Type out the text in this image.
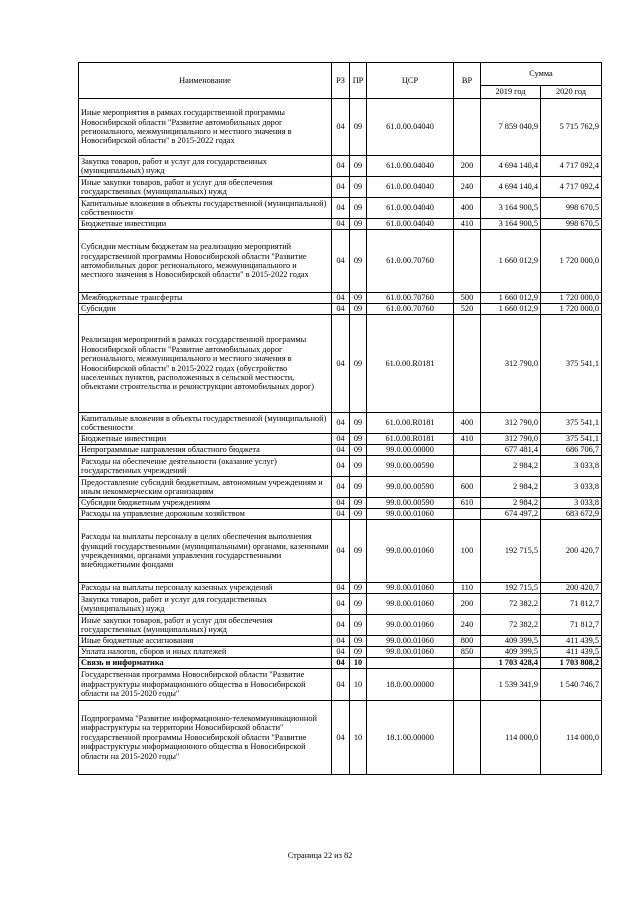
Наименование	РЗ	ПР	ЦСР	ВР	Сумма	
					2019 год	2020 год
Иные мероприятия в рамках государственной программы Новосибирской области "Развитие автомобильных дорог регионального, межмуниципального и местного значения в Новосибирской области" в 2015-2022 годах	04	09	61.0.00.04040		7 859 040,9	5 715 762,9
Закупка товаров, работ и услуг для государственных (муниципальных) нужд	04	09	61.0.00.04040	200	4 694 140,4	4 717 092,4
Иные закупки товаров, работ и услуг для обеспечения государственных (муниципальных) нужд	04	09	61.0.00.04040	240	4 694 140,4	4 717 092,4
Капитальные вложения в объекты государственной (муниципальной) собственности	04	09	61.0.00.04040	400	3 164 900,5	998 670,5
Бюджетные инвестиции	04	09	61.0.00.04040	410	3 164 900,5	998 670,5
Субсидии местным бюджетам на реализацию мероприятий государственной программы Новосибирской области "Развитие автомобильных дорог регионального, межмуниципального и местного значения в Новосибирской области" в 2015-2022 годах	04	09	61.0.00.70760		1 660 012,9	1 720 000,0
Межбюджетные трансферты	04	09	61.0.00.70760	500	1 660 012,9	1 720 000,0
Субсидии	04	09	61.0.00.70760	520	1 660 012,9	1 720 000,0
Реализация мероприятий в рамках государственной программы Новосибирской области "Развитие автомобильных дорог регионального, межмуниципального и местного значения в Новосибирской области" в 2015-2022 годах (обустройство населенных пунктов, расположенных в сельской местности, объектами строительства и реконструкции автомобильных дорог)	04	09	61.0.00.R0181		312 790,0	375 541,1
Капитальные вложения в объекты государственной (муниципальной) собственности	04	09	61.0.00.R0181	400	312 790,0	375 541,1
Бюджетные инвестиции	04	09	61.0.00.R0181	410	312 790,0	375 541,1
Непрограммные направления областного бюджета	04	09	99.0.00.00000		677 481,4	686 706,7
Расходы на обеспечение деятельности (оказание услуг) государственных учреждений	04	09	99.0.00.00590		2 984,2	3 033,8
Предоставление субсидий бюджетным, автономным учреждениям и иным некоммерческим организациям	04	09	99.0.00.00590	600	2 984,2	3 033,8
Субсидии бюджетным учреждениям	04	09	99.0.00.00590	610	2 984,2	3 033,8
Расходы на управление дорожным хозяйством	04	09	99.0.00.01060		674 497,2	683 672,9
Расходы на выплаты персоналу в целях обеспечения выполнения функций государственными (муниципальными) органами, казенными учреждениями, органами управления государственными внебюджетными фондами	04	09	99.0.00.01060	100	192 715,5	200 420,7
Расходы на выплаты персоналу казенных учреждений	04	09	99.0.00.01060	110	192 715,5	200 420,7
Закупка товаров, работ и услуг для государственных (муниципальных) нужд	04	09	99.0.00.01060	200	72 382,2	71 812,7
Иные закупки товаров, работ и услуг для обеспечения государственных (муниципальных) нужд	04	09	99.0.00.01060	240	72 382,2	71 812,7
Иные бюджетные ассигнования	04	09	99.0.00.01060	800	409 399,5	411 439,5
Уплата налогов, сборов и иных платежей	04	09	99.0.00.01060	850	409 399,5	411 439,5
Связь и информатика	04	10			1 703 428,4	1 703 808,2
Государственная программа Новосибирской области "Развитие инфраструктуры информационного общества в Новосибирской области на 2015-2020 годы"	04	10	18.0.00.00000		1 539 341,9	1 540 746,7
Подпрограмма "Развитие информационно-телекоммуникационной инфраструктуры на территории Новосибирской области" государственной программы Новосибирской области "Развитие инфраструктуры информационного общества в Новосибирской области на 2015-2020 годы"	04	10	18.1.00.00000		114 000,0	114 000,0
Страница 22 из 82
